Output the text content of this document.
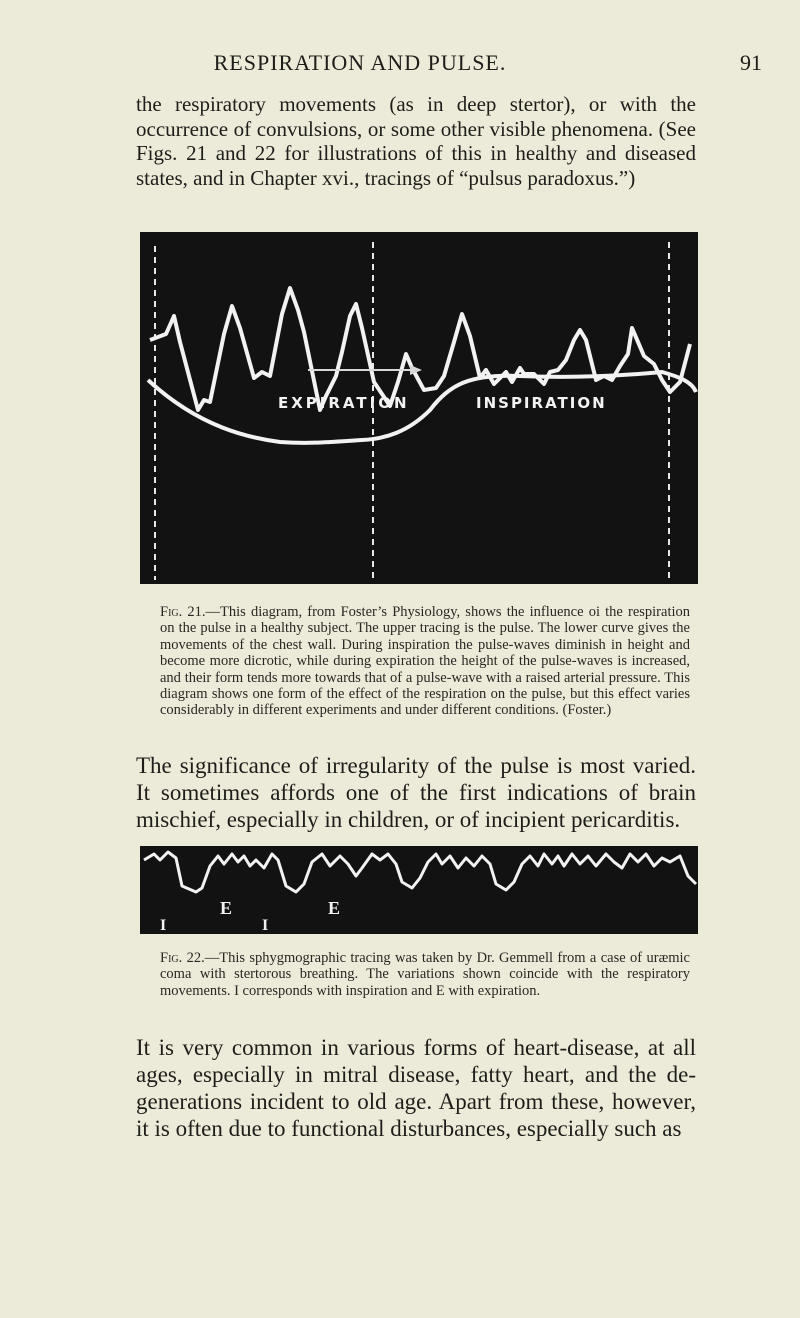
RESPIRATION AND PULSE.	91

the respiratory movements (as in deep stertor), or with the occurrence of convulsions, or some other visible phenomena. (See Figs. 21 and 22 for illustrations of this in healthy and diseased states, and in Chapter xvi., tracings of “pulsus paradoxus.”)

EXPIRATION	INSPIRATION

Fig. 21.—This diagram, from Foster’s Physiology, shows the influence oi the respiration on the pulse in a healthy subject. The upper tracing is the pulse. The lower curve gives the movements of the chest wall. During inspiration the pulse-waves diminish in height and become more dicrotic, while during expiration the height of the pulse-waves is increased, and their form tends more towards that of a pulse-wave with a raised arterial pressure. This diagram shows one form of the effect of the respiration on the pulse, but this effect varies considerably in different experiments and under different conditions. (Foster.)

The significance of irregularity of the pulse is most varied. It sometimes affords one of the first indications of brain mischief, especially in children, or of incipient pericarditis.

E
I
E
I

Fig. 22.—This sphygmographic tracing was taken by Dr. Gemmell from a case of uræmic coma with stertorous breathing. The variations shown coincide with the respiratory movements. I corresponds with inspiration and E with expiration.

It is very common in various forms of heart-disease, at all ages, especially in mitral disease, fatty heart, and the degenerations incident to old age. Apart from these, however, it is often due to functional disturbances, especially such as
